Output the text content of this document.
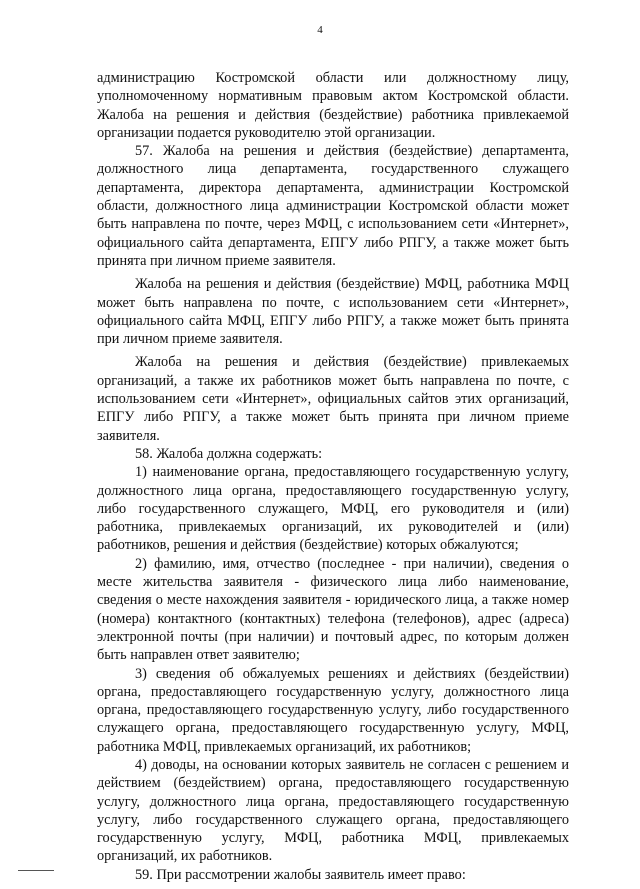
4

администрацию Костромской области или должностному лицу, уполномоченному нормативным правовым актом Костромской области. Жалоба на решения и действия (бездействие) работника привлекаемой организации подается руководителю этой организации.

57. Жалоба на решения и действия (бездействие) департамента, должностного лица департамента, государственного служащего департамента, директора департамента, администрации Костромской области, должностного лица администрации Костромской области может быть направлена по почте, через МФЦ, с использованием сети «Интернет», официального сайта департамента, ЕПГУ либо РПГУ, а также может быть принята при личном приеме заявителя.

Жалоба на решения и действия (бездействие) МФЦ, работника МФЦ может быть направлена по почте, с использованием сети «Интернет», официального сайта МФЦ, ЕПГУ либо РПГУ, а также может быть принята при личном приеме заявителя.

Жалоба на решения и действия (бездействие) привлекаемых организаций, а также их работников может быть направлена по почте, с использованием сети «Интернет», официальных сайтов этих организаций, ЕПГУ либо РПГУ, а также может быть принята при личном приеме заявителя.

58. Жалоба должна содержать:

1) наименование органа, предоставляющего государственную услугу, должностного лица органа, предоставляющего государственную услугу, либо государственного служащего, МФЦ, его руководителя и (или) работника, привлекаемых организаций, их руководителей и (или) работников, решения и действия (бездействие) которых обжалуются;

2) фамилию, имя, отчество (последнее - при наличии), сведения о месте жительства заявителя - физического лица либо наименование, сведения о месте нахождения заявителя - юридического лица, а также номер (номера) контактного (контактных) телефона (телефонов), адрес (адреса) электронной почты (при наличии) и почтовый адрес, по которым должен быть направлен ответ заявителю;

3) сведения об обжалуемых решениях и действиях (бездействии) органа, предоставляющего государственную услугу, должностного лица органа, предоставляющего государственную услугу, либо государственного служащего органа, предоставляющего государственную услугу, МФЦ, работника МФЦ, привлекаемых организаций, их работников;

4) доводы, на основании которых заявитель не согласен с решением и действием (бездействием) органа, предоставляющего государственную услугу, должностного лица органа, предоставляющего государственную услугу, либо государственного служащего органа, предоставляющего государственную услугу, МФЦ, работника МФЦ, привлекаемых организаций, их работников.

59. При рассмотрении жалобы заявитель имеет право:
